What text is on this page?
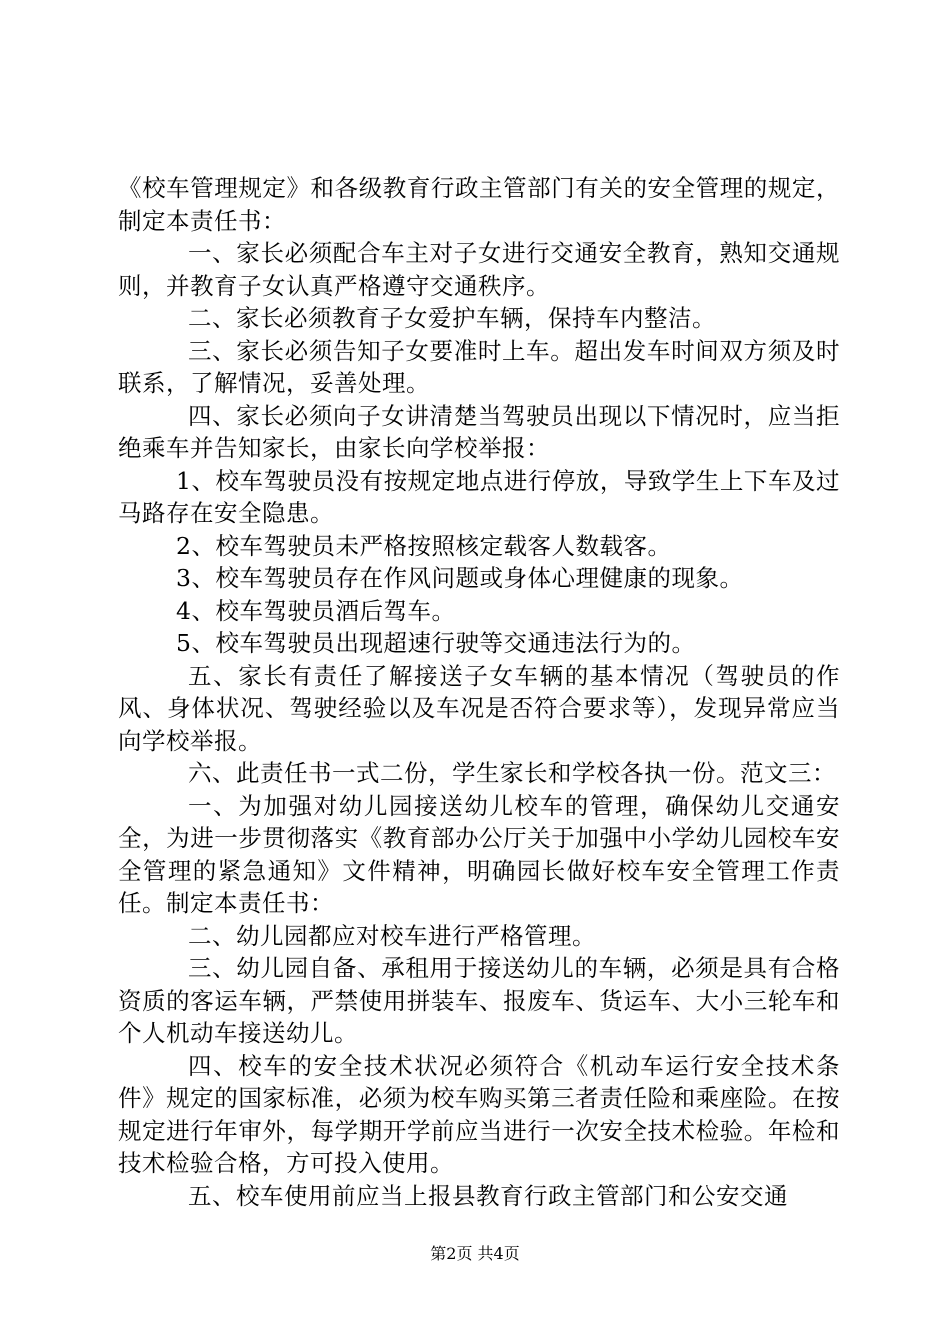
《校车管理规定》和各级教育行政主管部门有关的安全管理的规定，制定本责任书：

一、家长必须配合车主对子女进行交通安全教育，熟知交通规则，并教育子女认真严格遵守交通秩序。

二、家长必须教育子女爱护车辆，保持车内整洁。

三、家长必须告知子女要准时上车。超出发车时间双方须及时联系，了解情况，妥善处理。

四、家长必须向子女讲清楚当驾驶员出现以下情况时，应当拒绝乘车并告知家长，由家长向学校举报：

1、校车驾驶员没有按规定地点进行停放，导致学生上下车及过马路存在安全隐患。

2、校车驾驶员未严格按照核定载客人数载客。

3、校车驾驶员存在作风问题或身体心理健康的现象。

4、校车驾驶员酒后驾车。

5、校车驾驶员出现超速行驶等交通违法行为的。

五、家长有责任了解接送子女车辆的基本情况（驾驶员的作风、身体状况、驾驶经验以及车况是否符合要求等），发现异常应当向学校举报。

六、此责任书一式二份，学生家长和学校各执一份。范文三：

一、为加强对幼儿园接送幼儿校车的管理，确保幼儿交通安全，为进一步贯彻落实《教育部办公厅关于加强中小学幼儿园校车安全管理的紧急通知》文件精神，明确园长做好校车安全管理工作责任。制定本责任书：

二、幼儿园都应对校车进行严格管理。

三、幼儿园自备、承租用于接送幼儿的车辆，必须是具有合格资质的客运车辆，严禁使用拼装车、报废车、货运车、大小三轮车和个人机动车接送幼儿。

四、校车的安全技术状况必须符合《机动车运行安全技术条件》规定的国家标准，必须为校车购买第三者责任险和乘座险。在按规定进行年审外，每学期开学前应当进行一次安全技术检验。年检和技术检验合格，方可投入使用。

五、校车使用前应当上报县教育行政主管部门和公安交通

第2页 共4页
